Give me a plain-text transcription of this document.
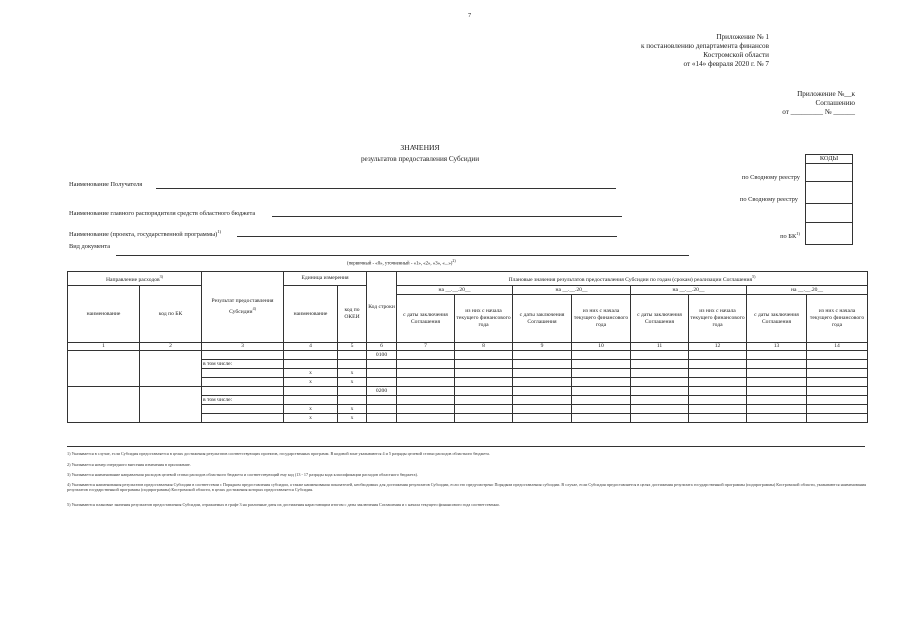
7
Приложение № 1
к постановлению департамента финансов
Костромской области
от «14» февраля 2020 г. № 7
Приложение №__к
Соглашению
от _________ № ______
ЗНАЧЕНИЯ
результатов предоставления Субсидии	КОДЫ
Наименование Получателя
Наименование главного распорядителя средств областного бюджета
Наименование (проекта, государственной программы)$^{1)}$
Вид документа
(первичный - «0», уточненный - «1», «2», «3», «...»)$^{2)}$
по Сводному реестру
по Сводному реестру
по БК$^{1)}$
Направление расходов$^{3)}$		Результат предоставления Субсидии$^{4)}$	Единица измерения		Код строки	Плановые значения результатов предоставления Субсидии по годам (срокам) реализации Соглашения$^{5)}$
наименование	код по БК		наименование	код по ОКЕИ		на __.__.20__		на __.__.20__		на __.__.20__		на __.__.20__	
						с даты заключения Соглашения	из них с начала текущего финансового года	с даты заключения Соглашения	из них с начала текущего финансового года	с даты заключения Соглашения	из них с начала текущего финансового года	с даты заключения Соглашения	из них с начала текущего финансового года
1	2	3	4	5	6	7	8	9	10	11	12	13	14
					0100								
		в том числе:											
			x	x									
			x	x									
					0200								
		в том числе:											
			x	x									
			x	x									
1) Указывается в случае, если Субсидия предоставляется в целях достижения результатов соответствующих проектов, государственных программ. В кодовой зоне указываются 4 и 5 разряды целевой статьи расходов областного бюджета.
2) Указывается номер очередного внесения изменения в приложение.
3) Указывается наименование направления расходов целевой статьи расходов областного бюджета и соответствующий ему код (13 - 17 разряды кода классификации расходов областного бюджета).
4) Указываются наименования результатов предоставления Субсидии в соответствии с Порядком предоставления субсидии, а также наименования показателей, необходимых для достижения результатов Субсидии, если это предусмотрено Порядком предоставления субсидии. В случае, если Субсидия предоставляется в целях достижения результата государственной программы (подпрограммы) Костромской области, указываются наименования результатов государственной программы (подпрограммы) Костромской области, в целях достижения которых предоставляется Субсидия.
5) Указываются плановые значения результатов предоставления Субсидии, отражаемых в графе 3 на различные даты их достижения нарастающим итогом с даты заключения Соглашения и с начала текущего финансового года соответственно.
